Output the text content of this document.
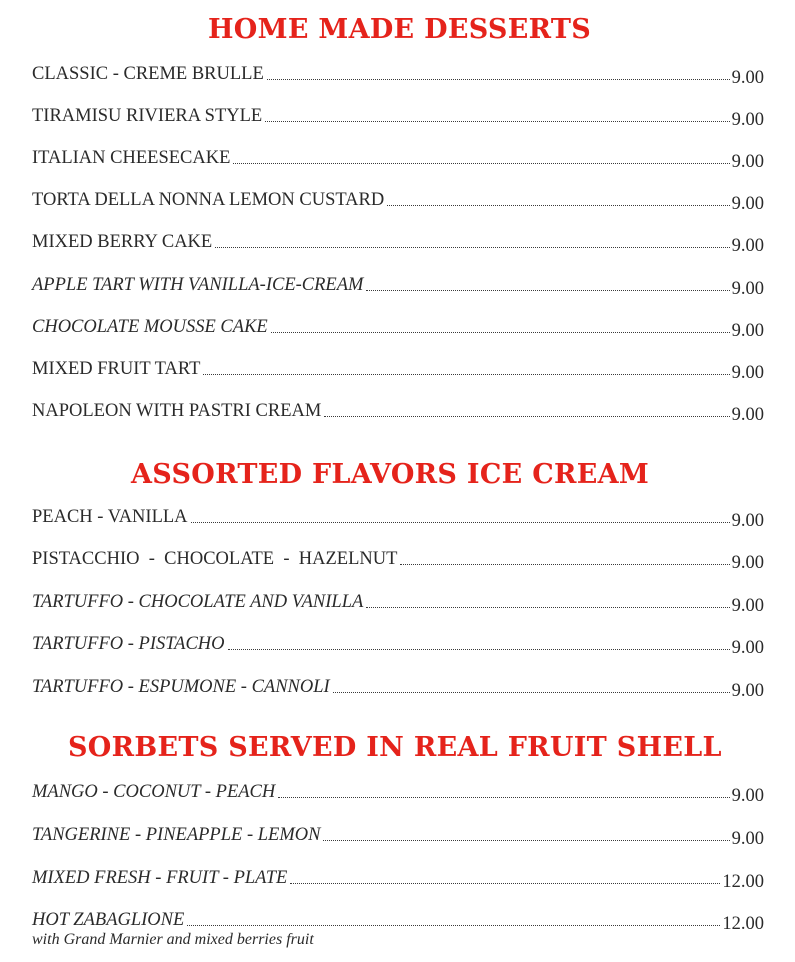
HOME MADE DESSERTS
CLASSIC - CREME BRULLE	9.00
TIRAMISU RIVIERA STYLE	9.00
ITALIAN CHEESECAKE	9.00
TORTA DELLA NONNA LEMON CUSTARD	9.00
MIXED BERRY CAKE	9.00
APPLE TART WITH VANILLA-ICE-CREAM	9.00
CHOCOLATE MOUSSE CAKE	9.00
MIXED FRUIT TART	9.00
NAPOLEON WITH PASTRI CREAM	9.00
ASSORTED FLAVORS ICE CREAM
PEACH - VANILLA	9.00
PISTACCHIO  -  CHOCOLATE  -  HAZELNUT	9.00
TARTUFFO - CHOCOLATE AND VANILLA	9.00
TARTUFFO - PISTACHO	9.00
TARTUFFO - ESPUMONE - CANNOLI	9.00
SORBETS SERVED IN REAL FRUIT SHELL
MANGO - COCONUT - PEACH	9.00
TANGERINE - PINEAPPLE - LEMON	9.00
MIXED FRESH - FRUIT - PLATE	12.00
HOT ZABAGLIONE	12.00
with Grand Marnier and mixed berries fruit
